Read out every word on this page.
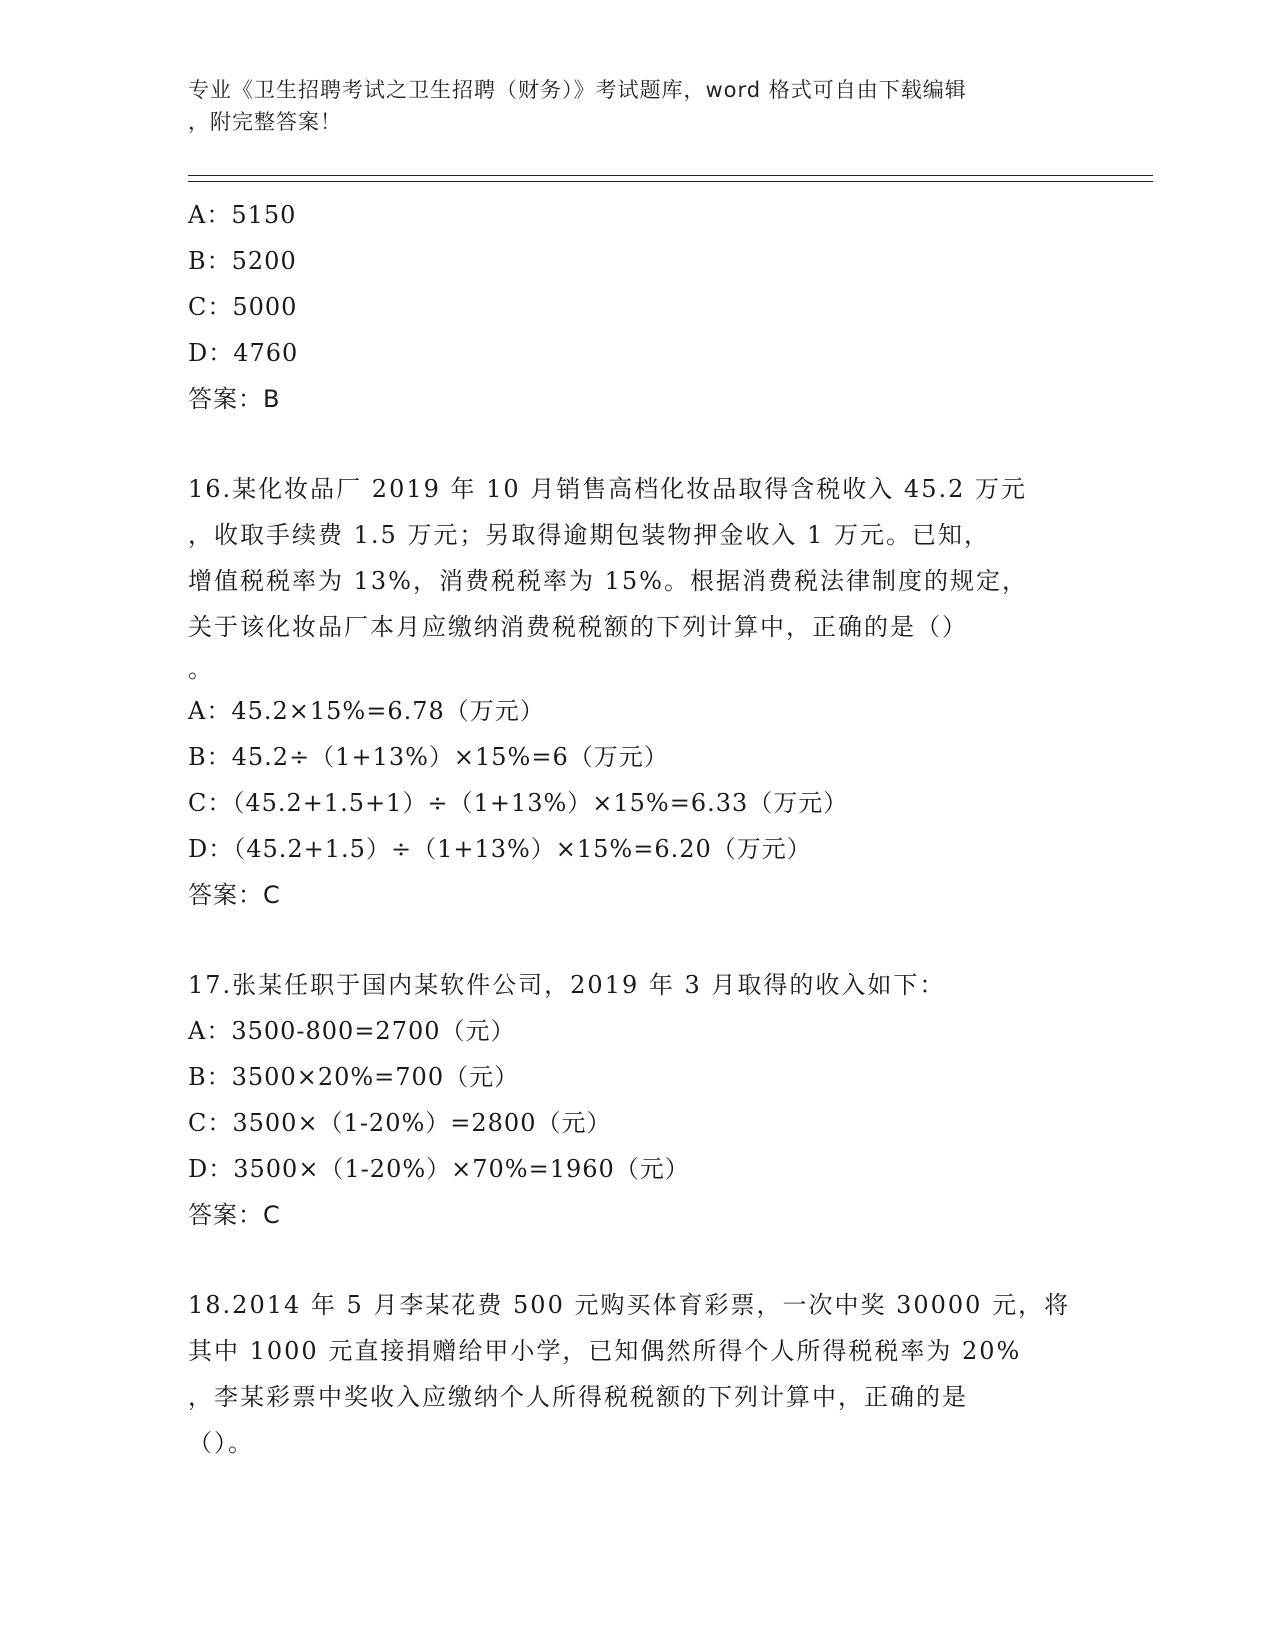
专业《卫生招聘考试之卫生招聘（财务）》考试题库，word 格式可自由下载编辑
，附完整答案！
A：5150
B：5200
C：5000
D：4760
答案：B
16.某化妆品厂 2019 年 10 月销售高档化妆品取得含税收入 45.2 万元
，收取手续费 1.5 万元；另取得逾期包装物押金收入 1 万元。已知，
增值税税率为 13%，消费税税率为 15%。根据消费税法律制度的规定，
关于该化妆品厂本月应缴纳消费税税额的下列计算中，正确的是（）
。
A：45.2×15%=6.78（万元）
B：45.2÷（1+13%）×15%=6（万元）
C：（45.2+1.5+1）÷（1+13%）×15%=6.33（万元）
D：（45.2+1.5）÷（1+13%）×15%=6.20（万元）
答案：C
17.张某任职于国内某软件公司，2019 年 3 月取得的收入如下：
A：3500-800=2700（元）
B：3500×20%=700（元）
C：3500×（1-20%）=2800（元）
D：3500×（1-20%）×70%=1960（元）
答案：C
18.2014 年 5 月李某花费 500 元购买体育彩票，一次中奖 30000 元，将
其中 1000 元直接捐赠给甲小学，已知偶然所得个人所得税税率为 20%
，李某彩票中奖收入应缴纳个人所得税税额的下列计算中，正确的是
（）。
